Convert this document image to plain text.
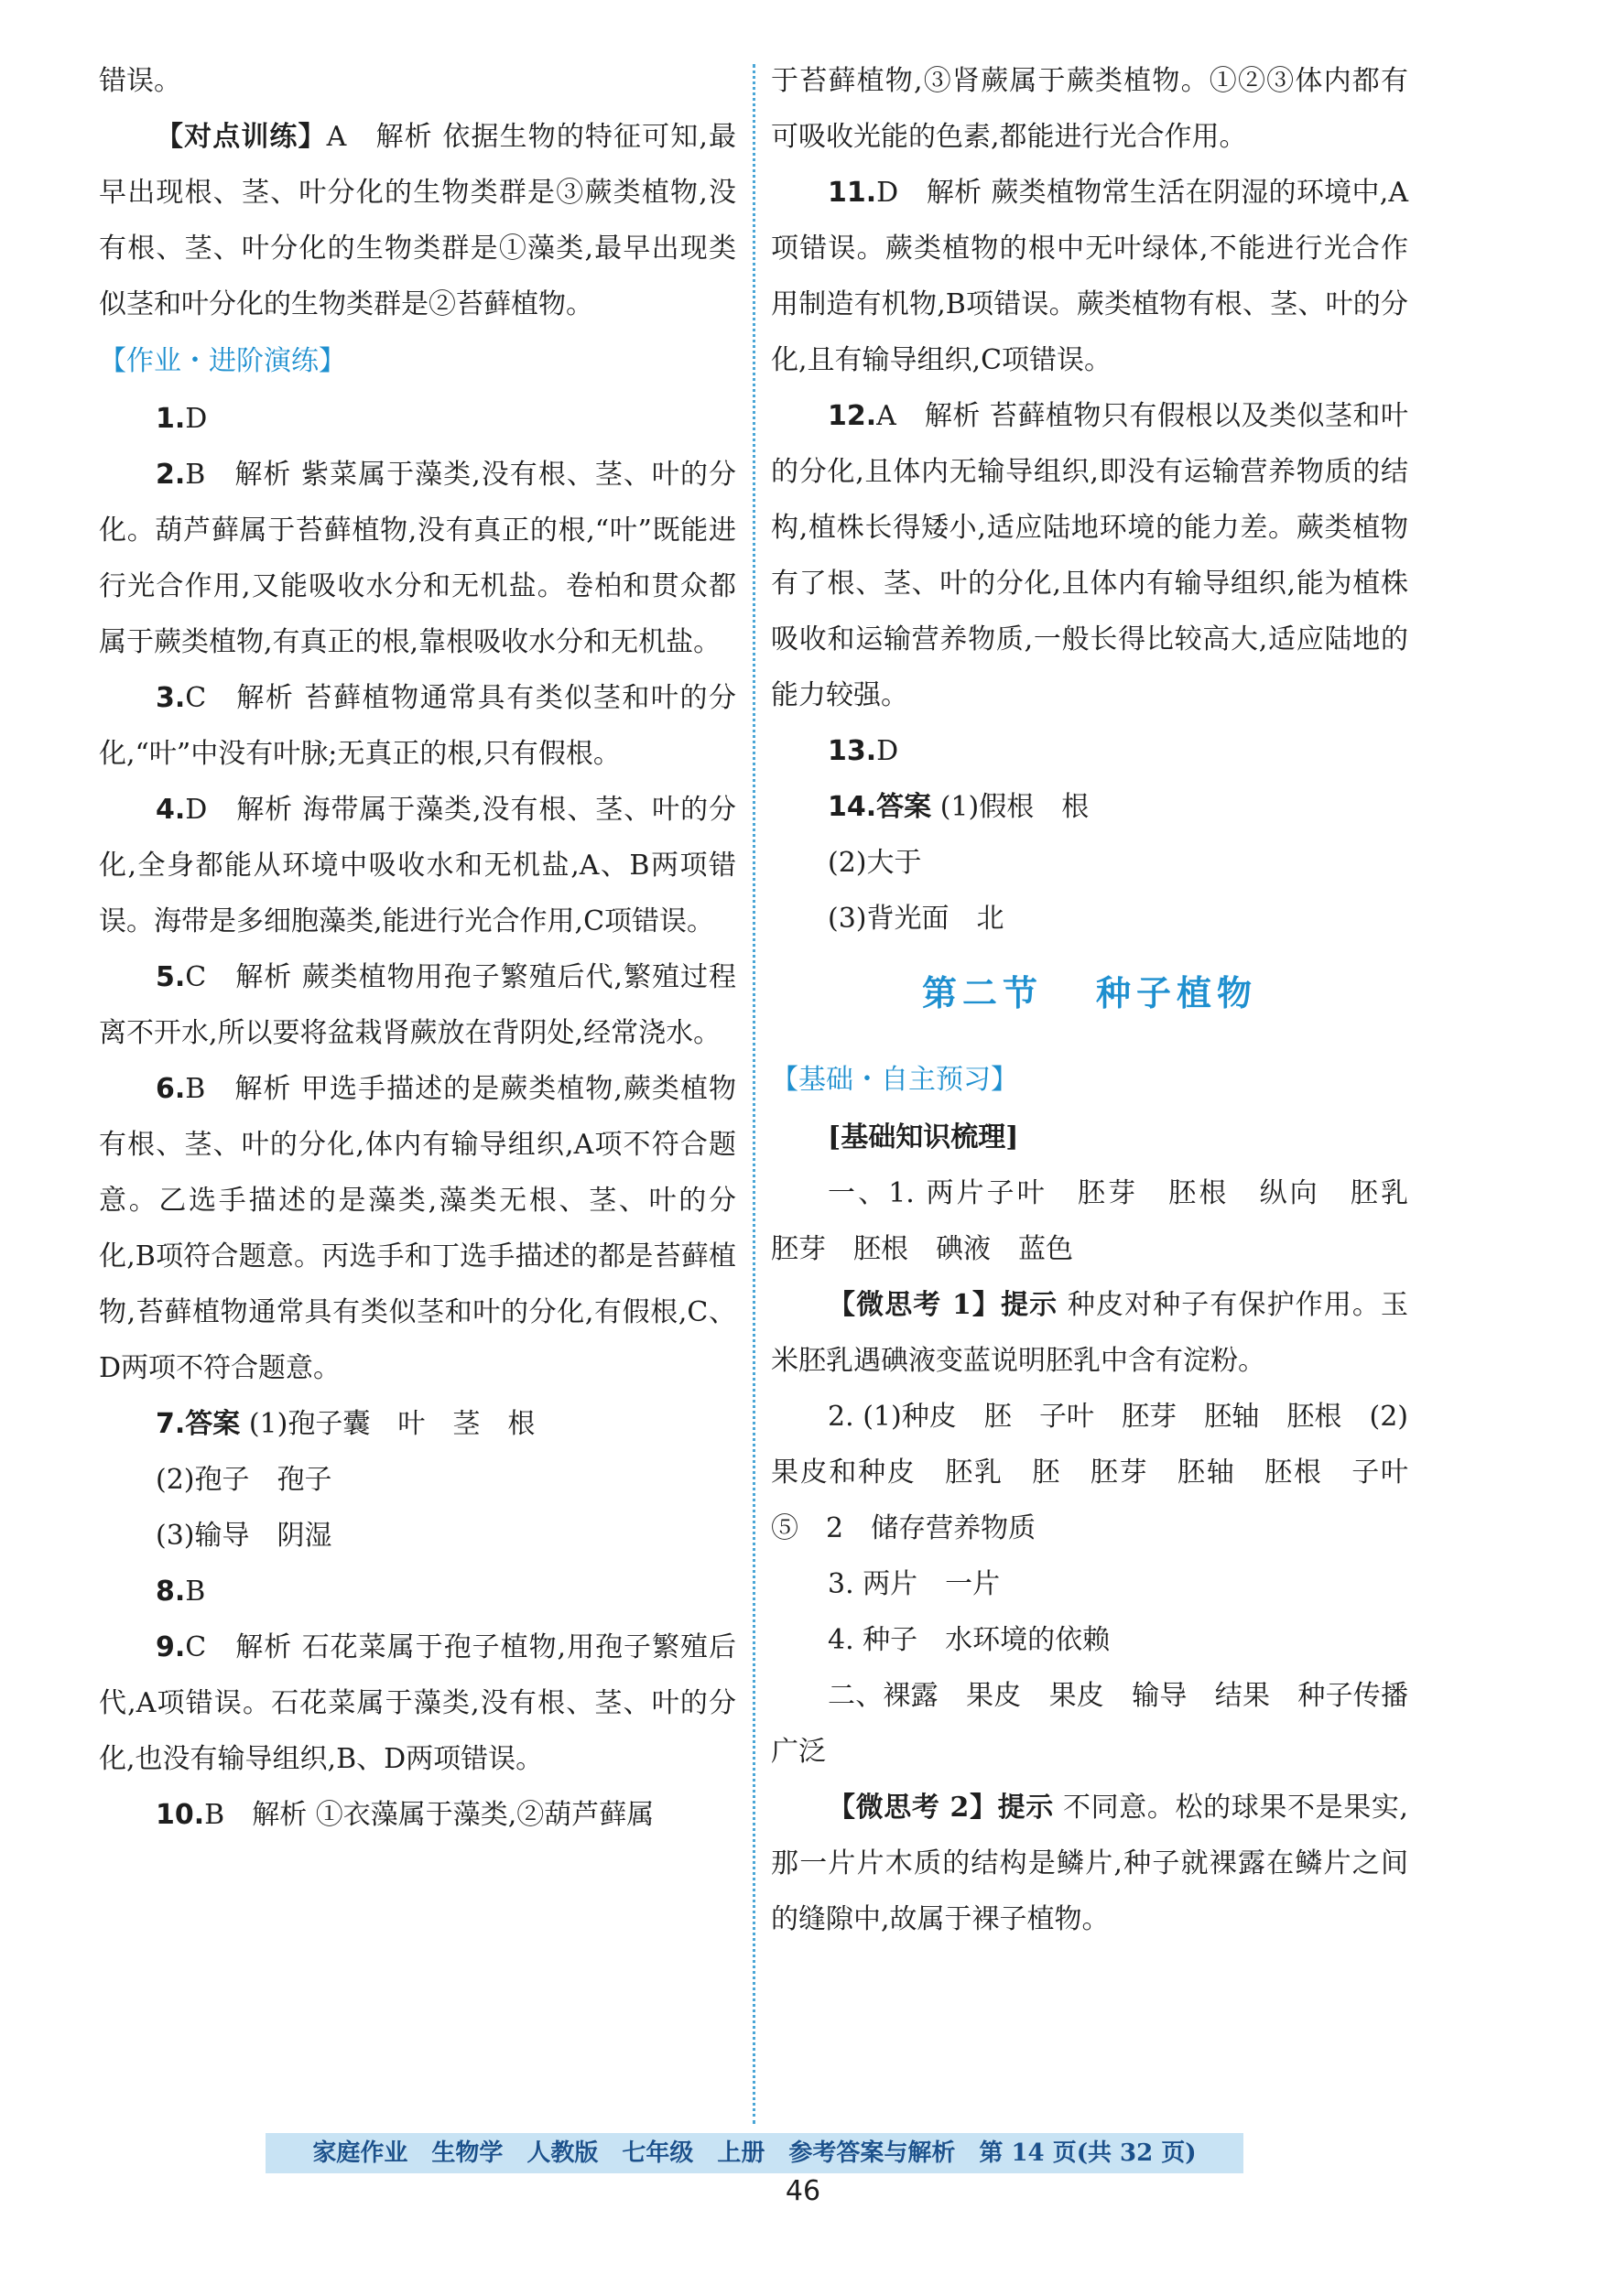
错误。

【对点训练】A　解析 依据生物的特征可知,最早出现根、茎、叶分化的生物类群是③蕨类植物,没有根、茎、叶分化的生物类群是①藻类,最早出现类似茎和叶分化的生物类群是②苔藓植物。

【作业・进阶演练】

1.D

2.B　解析 紫菜属于藻类,没有根、茎、叶的分化。葫芦藓属于苔藓植物,没有真正的根,“叶”既能进行光合作用,又能吸收水分和无机盐。卷柏和贯众都属于蕨类植物,有真正的根,靠根吸收水分和无机盐。

3.C　解析 苔藓植物通常具有类似茎和叶的分化,“叶”中没有叶脉;无真正的根,只有假根。

4.D　解析 海带属于藻类,没有根、茎、叶的分化,全身都能从环境中吸收水和无机盐,A、B两项错误。海带是多细胞藻类,能进行光合作用,C项错误。

5.C　解析 蕨类植物用孢子繁殖后代,繁殖过程离不开水,所以要将盆栽肾蕨放在背阴处,经常浇水。

6.B　解析 甲选手描述的是蕨类植物,蕨类植物有根、茎、叶的分化,体内有输导组织,A项不符合题意。乙选手描述的是藻类,藻类无根、茎、叶的分化,B项符合题意。丙选手和丁选手描述的都是苔藓植物,苔藓植物通常具有类似茎和叶的分化,有假根,C、D两项不符合题意。

7.答案 (1)孢子囊　叶　茎　根

(2)孢子　孢子

(3)输导　阴湿

8.B

9.C　解析 石花菜属于孢子植物,用孢子繁殖后代,A项错误。石花菜属于藻类,没有根、茎、叶的分化,也没有输导组织,B、D两项错误。

10.B　解析 ①衣藻属于藻类,②葫芦藓属

于苔藓植物,③肾蕨属于蕨类植物。①②③体内都有可吸收光能的色素,都能进行光合作用。

11.D　解析 蕨类植物常生活在阴湿的环境中,A项错误。蕨类植物的根中无叶绿体,不能进行光合作用制造有机物,B项错误。蕨类植物有根、茎、叶的分化,且有输导组织,C项错误。

12.A　解析 苔藓植物只有假根以及类似茎和叶的分化,且体内无输导组织,即没有运输营养物质的结构,植株长得矮小,适应陆地环境的能力差。蕨类植物有了根、茎、叶的分化,且体内有输导组织,能为植株吸收和运输营养物质,一般长得比较高大,适应陆地的能力较强。

13.D

14.答案 (1)假根　根

(2)大于

(3)背光面　北

第二节 种子植物

【基础・自主预习】

[基础知识梳理]

一、1. 两片子叶　胚芽　胚根　纵向　胚乳　胚芽　胚根　碘液　蓝色

【微思考 1】提示 种皮对种子有保护作用。玉米胚乳遇碘液变蓝说明胚乳中含有淀粉。

2. (1)种皮　胚　子叶　胚芽　胚轴　胚根　(2)果皮和种皮　胚乳　胚　胚芽　胚轴　胚根　子叶　⑤　2　储存营养物质

3. 两片　一片

4. 种子　水环境的依赖

二、裸露　果皮　果皮　输导　结果　种子传播　广泛

【微思考 2】提示 不同意。松的球果不是果实,那一片片木质的结构是鳞片,种子就裸露在鳞片之间的缝隙中,故属于裸子植物。

家庭作业　生物学　人教版　七年级　上册　参考答案与解析　第 14 页(共 32 页)
46
